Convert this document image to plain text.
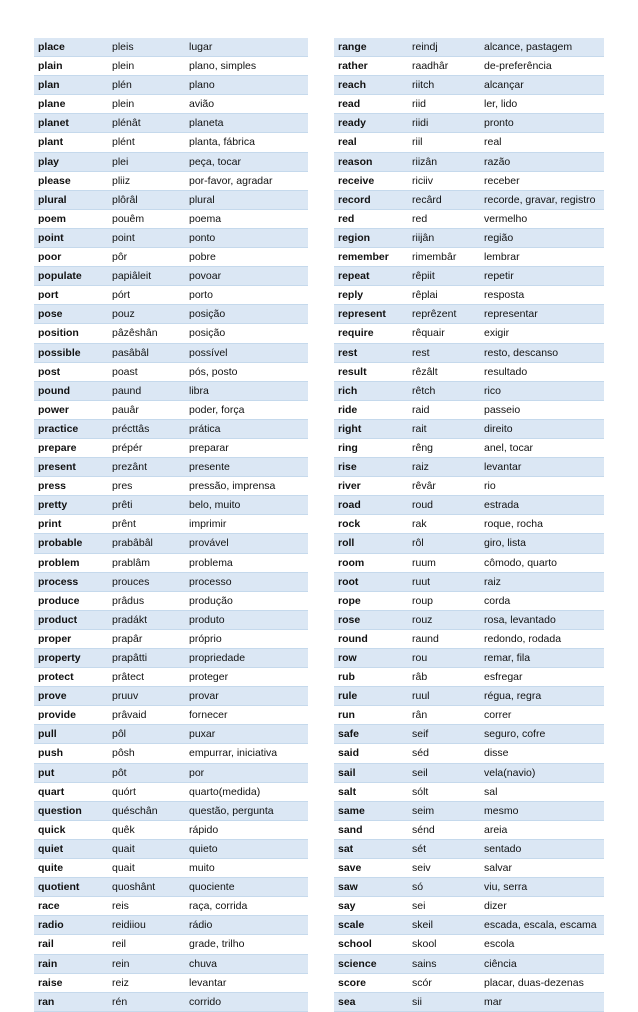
place	pleis	lugar
plain	plein	plano, simples
plan	plén	plano
plane	plein	avião
planet	plénât	planeta
plant	plént	planta, fábrica
play	plei	peça, tocar
please	pliiz	por-favor, agradar
plural	plôrâl	plural
poem	pouêm	poema
point	point	ponto
poor	pôr	pobre
populate	papiâleit	povoar
port	pórt	porto
pose	pouz	posição
position	pâzêshân	posição
possible	pasâbâl	possível
post	poast	pós, posto
pound	paund	libra
power	pauâr	poder, força
practice	précttâs	prática
prepare	prépér	preparar
present	prezânt	presente
press	pres	pressão, imprensa
pretty	prêti	belo, muito
print	prênt	imprimir
probable	prabâbâl	provável
problem	prablâm	problema
process	prouces	processo
produce	prâdus	produção
product	pradákt	produto
proper	prapâr	próprio
property	prapâtti	propriedade
protect	prâtect	proteger
prove	pruuv	provar
provide	prâvaid	fornecer
pull	pôl	puxar
push	pôsh	empurrar, iniciativa
put	pôt	por
quart	quórt	quarto(medida)
question	quéschân	questão, pergunta
quick	quêk	rápido
quiet	quait	quieto
quite	quait	muito
quotient	quoshânt	quociente
race	reis	raça, corrida
radio	reidiiou	rádio
rail	reil	grade, trilho
rain	rein	chuva
raise	reiz	levantar
ran	rén	corrido
range	reindj	alcance, pastagem
rather	raadhâr	de-preferência
reach	riitch	alcançar
read	riid	ler, lido
ready	riidi	pronto
real	riil	real
reason	riizân	razão
receive	riciiv	receber
record	recârd	recorde, gravar, registro
red	red	vermelho
region	riijân	região
remember	rimembâr	lembrar
repeat	rêpiit	repetir
reply	rêplai	resposta
represent	reprêzent	representar
require	rêquair	exigir
rest	rest	resto, descanso
result	rêzâlt	resultado
rich	rêtch	rico
ride	raid	passeio
right	rait	direito
ring	rêng	anel, tocar
rise	raiz	levantar
river	rêvâr	rio
road	roud	estrada
rock	rak	roque, rocha
roll	rôl	giro, lista
room	ruum	cômodo, quarto
root	ruut	raiz
rope	roup	corda
rose	rouz	rosa, levantado
round	raund	redondo, rodada
row	rou	remar, fila
rub	râb	esfregar
rule	ruul	régua, regra
run	rân	correr
safe	seif	seguro, cofre
said	séd	disse
sail	seil	vela(navio)
salt	sólt	sal
same	seim	mesmo
sand	sénd	areia
sat	sét	sentado
save	seiv	salvar
saw	só	viu, serra
say	sei	dizer
scale	skeil	escada, escala, escama
school	skool	escola
science	sains	ciência
score	scór	placar, duas-dezenas
sea	sii	mar
